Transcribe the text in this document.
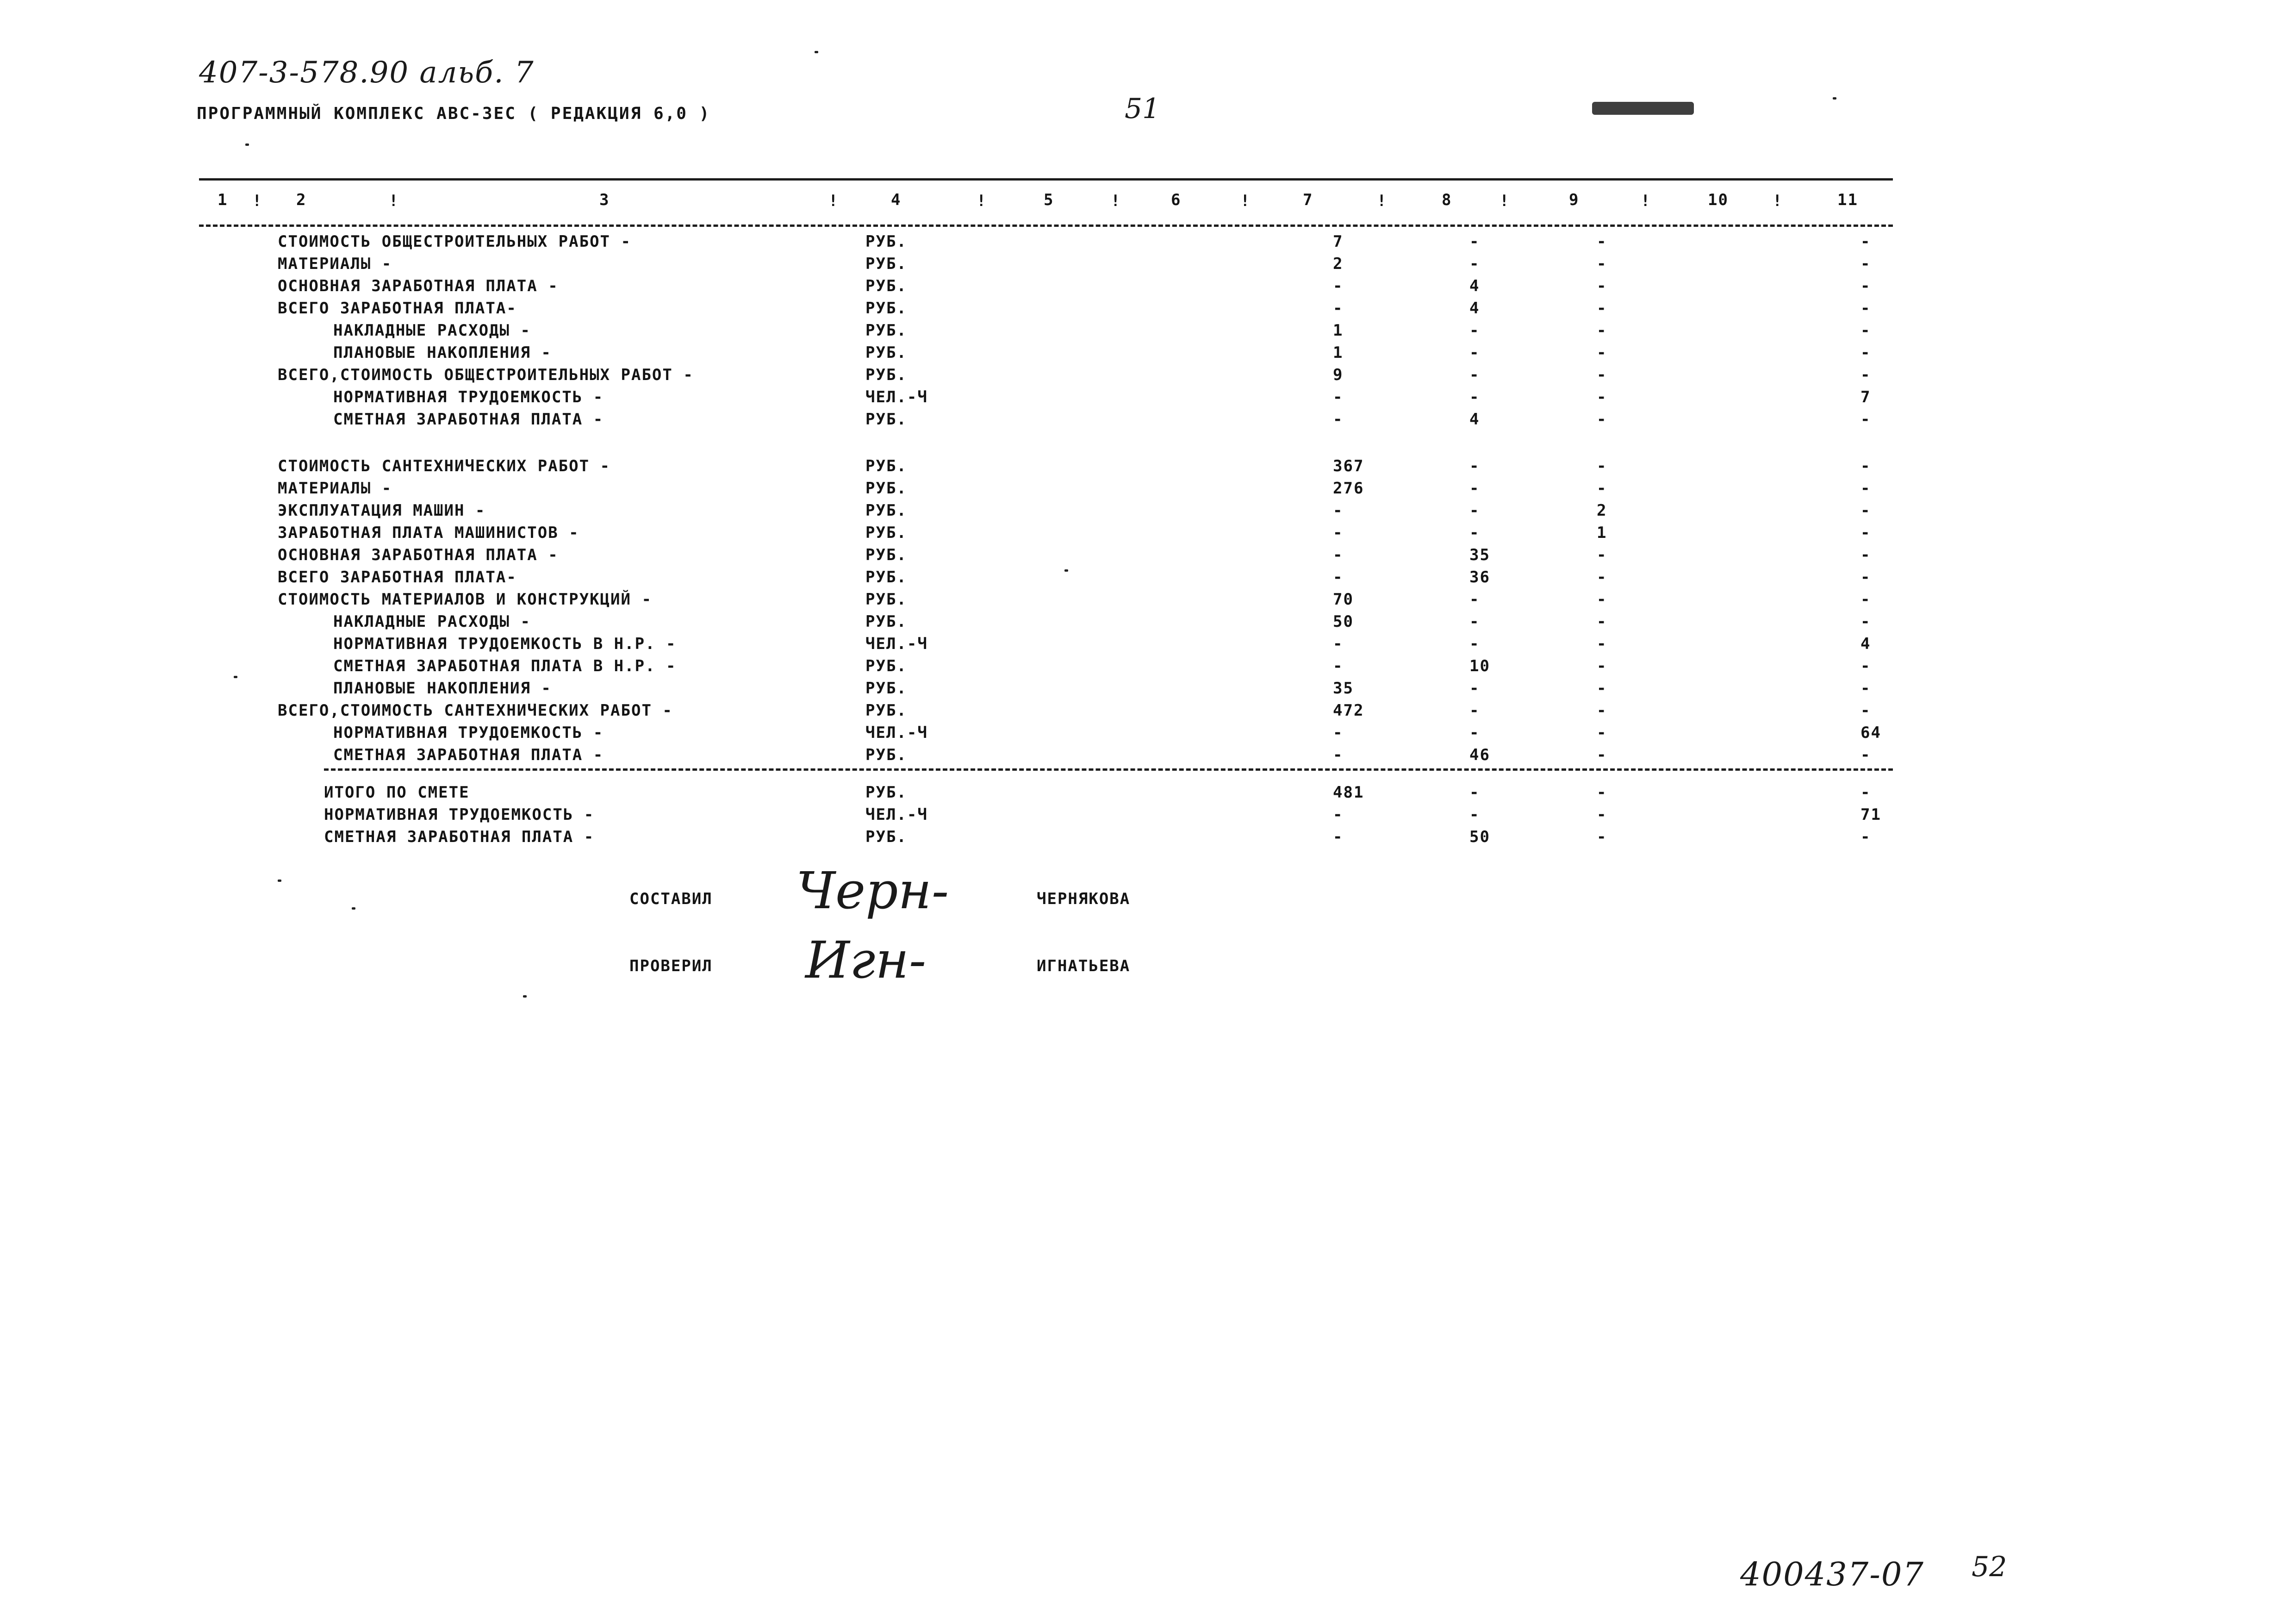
407-3-578.90 альб. 7
ПРОГРАММНЫЙ КОМПЛЕКС АВС-3ЕС ( РЕДАКЦИЯ 6,0 )	51
1	2	3	4	5	6	7	8	9	10	11
!	!	!	!	!	!	!	!	!	!
СТОИМОСТЬ ОБЩЕСТРОИТЕЛЬНЫХ РАБОТ -	РУБ.	7	-	-	-
МАТЕРИАЛЫ -	РУБ.	2	-	-	-
ОСНОВНАЯ ЗАРАБОТНАЯ ПЛАТА -	РУБ.	-	4	-	-
ВСЕГО ЗАРАБОТНАЯ ПЛАТА-	РУБ.	-	4	-	-
НАКЛАДНЫЕ РАСХОДЫ -	РУБ.	1	-	-	-
ПЛАНОВЫЕ НАКОПЛЕНИЯ -	РУБ.	1	-	-	-
ВСЕГО,СТОИМОСТЬ ОБЩЕСТРОИТЕЛЬНЫХ РАБОТ -	РУБ.	9	-	-	-
НОРМАТИВНАЯ ТРУДОЕМКОСТЬ -	ЧЕЛ.-Ч	-	-	-	7
СМЕТНАЯ ЗАРАБОТНАЯ ПЛАТА -	РУБ.	-	4	-	-
СТОИМОСТЬ САНТЕХНИЧЕСКИХ РАБОТ -	РУБ.	367	-	-	-
МАТЕРИАЛЫ -	РУБ.	276	-	-	-
ЭКСПЛУАТАЦИЯ МАШИН -	РУБ.	-	-	2	-
ЗАРАБОТНАЯ ПЛАТА МАШИНИСТОВ -	РУБ.	-	-	1	-
ОСНОВНАЯ ЗАРАБОТНАЯ ПЛАТА -	РУБ.	-	35	-	-
ВСЕГО ЗАРАБОТНАЯ ПЛАТА-	РУБ.	-	36	-	-
СТОИМОСТЬ МАТЕРИАЛОВ И КОНСТРУКЦИЙ -	РУБ.	70	-	-	-
НАКЛАДНЫЕ РАСХОДЫ -	РУБ.	50	-	-	-
НОРМАТИВНАЯ ТРУДОЕМКОСТЬ В Н.Р. -	ЧЕЛ.-Ч	-	-	-	4
СМЕТНАЯ ЗАРАБОТНАЯ ПЛАТА В Н.Р. -	РУБ.	-	10	-	-
ПЛАНОВЫЕ НАКОПЛЕНИЯ -	РУБ.	35	-	-	-
ВСЕГО,СТОИМОСТЬ САНТЕХНИЧЕСКИХ РАБОТ -	РУБ.	472	-	-	-
НОРМАТИВНАЯ ТРУДОЕМКОСТЬ -	ЧЕЛ.-Ч	-	-	-	64
СМЕТНАЯ ЗАРАБОТНАЯ ПЛАТА -	РУБ.	-	46	-	-
ИТОГО ПО СМЕТЕ	РУБ.	481	-	-	-
НОРМАТИВНАЯ ТРУДОЕМКОСТЬ -	ЧЕЛ.-Ч	-	-	-	71
СМЕТНАЯ ЗАРАБОТНАЯ ПЛАТА -	РУБ.	-	50	-	-
СОСТАВИЛ Черн-	ЧЕРНЯКОВА
ПРОВЕРИЛ Игн-	ИГНАТЬЕВА
400437-07 52
